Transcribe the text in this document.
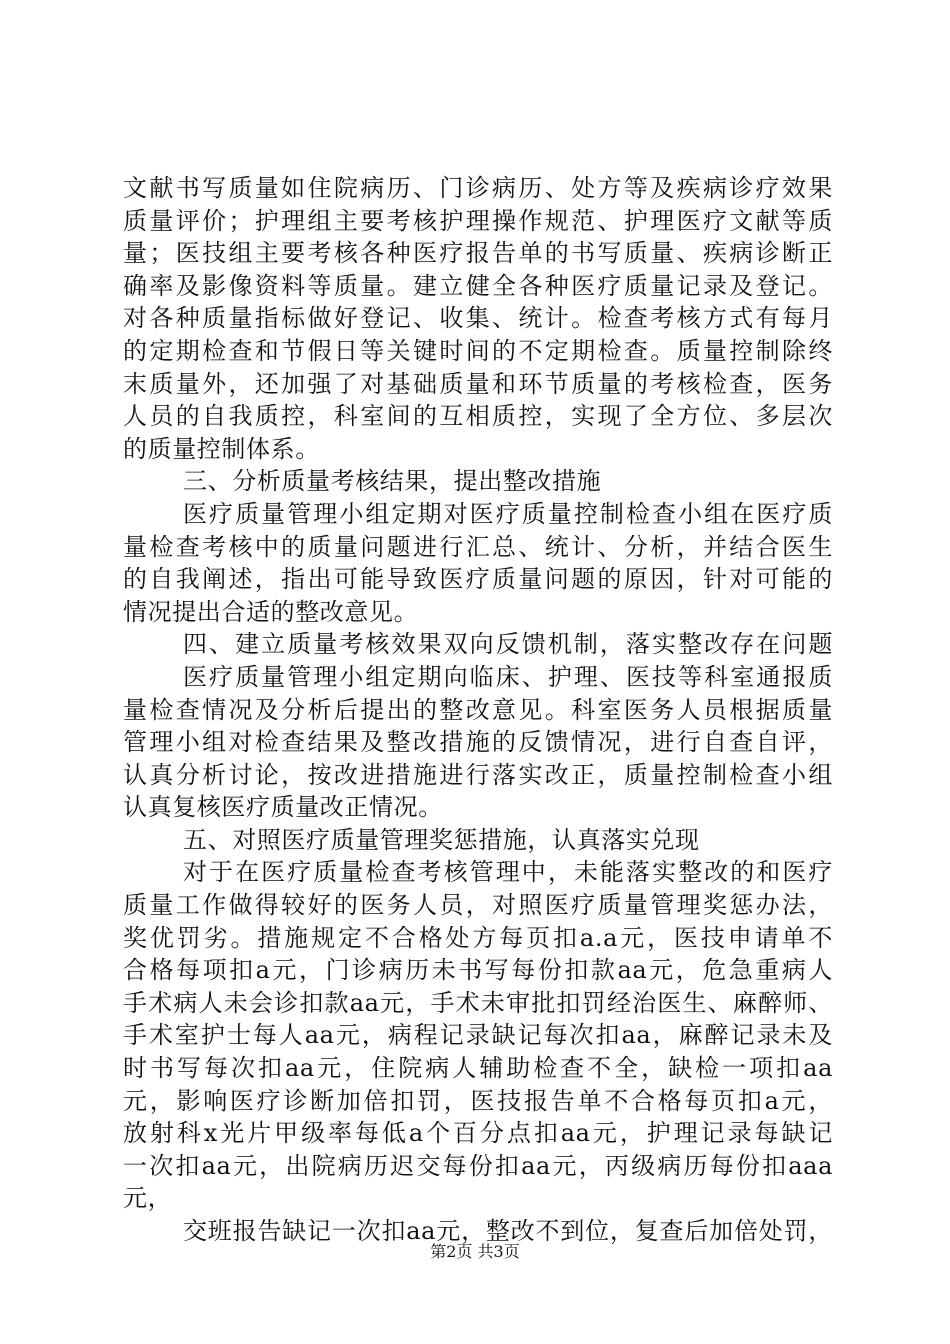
文献书写质量如住院病历、门诊病历、处方等及疾病诊疗效果
质量评价；护理组主要考核护理操作规范、护理医疗文献等质
量；医技组主要考核各种医疗报告单的书写质量、疾病诊断正
确率及影像资料等质量。建立健全各种医疗质量记录及登记。
对各种质量指标做好登记、收集、统计。检查考核方式有每月
的定期检查和节假日等关键时间的不定期检查。质量控制除终
末质量外，还加强了对基础质量和环节质量的考核检查，医务
人员的自我质控，科室间的互相质控，实现了全方位、多层次
的质量控制体系。
三、分析质量考核结果，提出整改措施
医疗质量管理小组定期对医疗质量控制检查小组在医疗质
量检查考核中的质量问题进行汇总、统计、分析，并结合医生
的自我阐述，指出可能导致医疗质量问题的原因，针对可能的
情况提出合适的整改意见。
四、建立质量考核效果双向反馈机制，落实整改存在问题
医疗质量管理小组定期向临床、护理、医技等科室通报质
量检查情况及分析后提出的整改意见。科室医务人员根据质量
管理小组对检查结果及整改措施的反馈情况，进行自查自评，
认真分析讨论，按改进措施进行落实改正，质量控制检查小组
认真复核医疗质量改正情况。
五、对照医疗质量管理奖惩措施，认真落实兑现
对于在医疗质量检查考核管理中，未能落实整改的和医疗
质量工作做得较好的医务人员，对照医疗质量管理奖惩办法，
奖优罚劣。措施规定不合格处方每页扣a.a元，医技申请单不
合格每项扣a元，门诊病历未书写每份扣款aa元，危急重病人
手术病人未会诊扣款aa元，手术未审批扣罚经治医生、麻醉师、
手术室护士每人aa元，病程记录缺记每次扣aa，麻醉记录未及
时书写每次扣aa元，住院病人辅助检查不全，缺检一项扣aa
元，影响医疗诊断加倍扣罚，医技报告单不合格每页扣a元，
放射科x光片甲级率每低a个百分点扣aa元，护理记录每缺记
一次扣aa元，出院病历迟交每份扣aa元，丙级病历每份扣aaa
元，
交班报告缺记一次扣aa元，整改不到位，复查后加倍处罚，
第2页 共3页
